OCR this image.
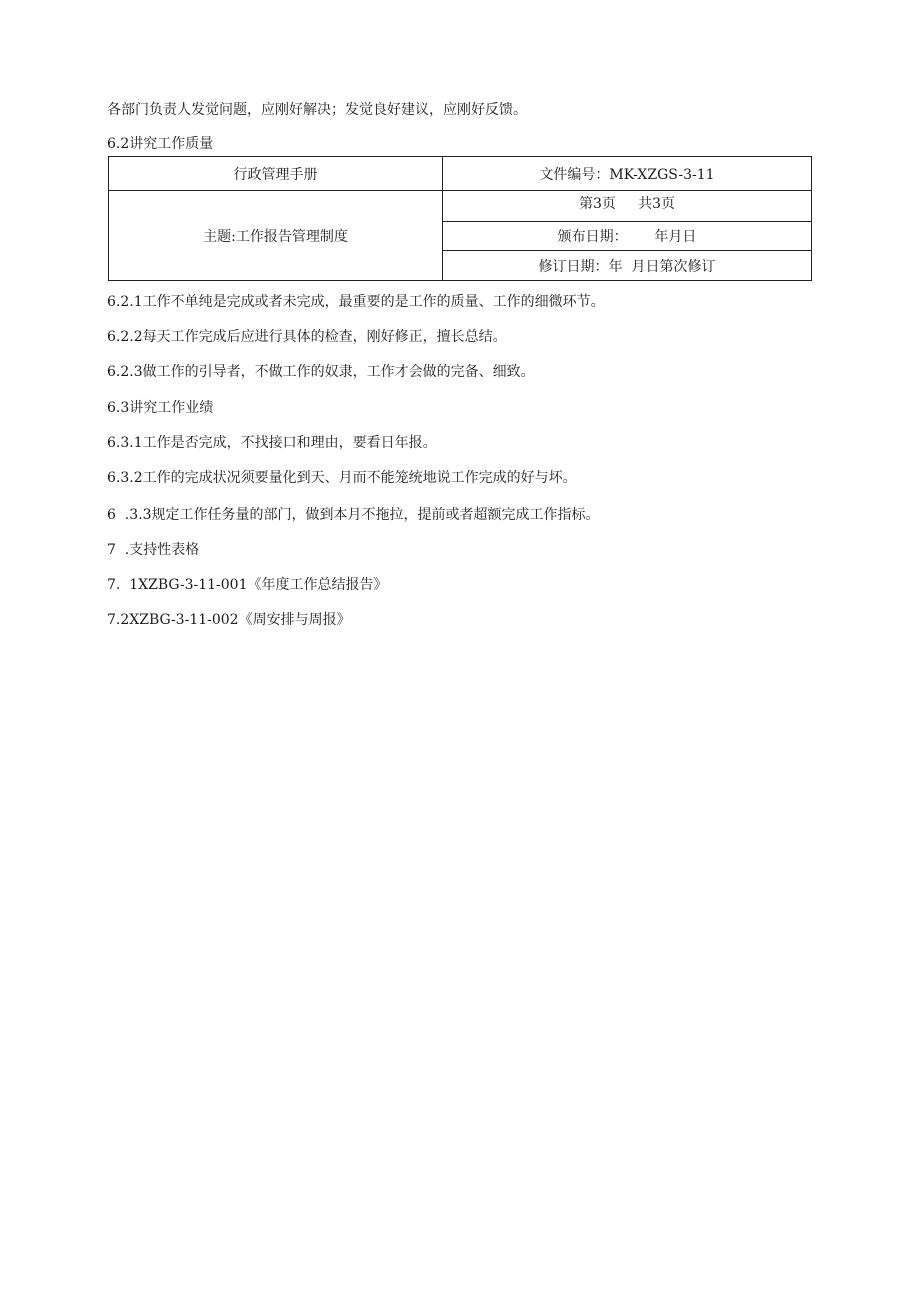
各部门负责人发觉问题，应刚好解决；发觉良好建议，应刚好反馈。
6.2讲究工作质量
行政管理手册	文件编号：MK-XZGS-3-11
主题:工作报告管理制度	第3页     共3页
	颁布日期：      年月日
	修订日期：年  月日第次修订
6.2.1工作不单纯是完成或者未完成，最重要的是工作的质量、工作的细微环节。
6.2.2每天工作完成后应进行具体的检查，刚好修正，擅长总结。
6.2.3做工作的引导者，不做工作的奴隶，工作才会做的完备、细致。
6.3讲究工作业绩
6.3.1工作是否完成，不找接口和理由，要看日年报。
6.3.2工作的完成状况须要量化到天、月而不能笼统地说工作完成的好与坏。
6  .3.3规定工作任务量的部门，做到本月不拖拉，提前或者超额完成工作指标。
7  .支持性表格
7.  1XZBG-3-11-001《年度工作总结报告》
7.2XZBG-3-11-002《周安排与周报》
